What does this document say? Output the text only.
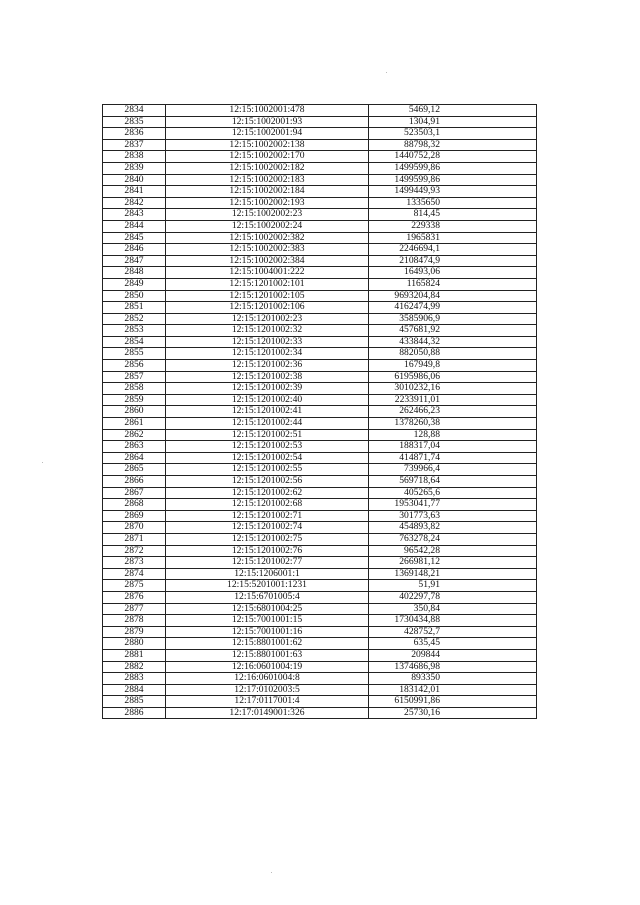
2834	12:15:1002001:478	5469,12
2835	12:15:1002001:93	1304,91
2836	12:15:1002001:94	523503,1
2837	12:15:1002002:138	88798,32
2838	12:15:1002002:170	1440752,28
2839	12:15:1002002:182	1499599,86
2840	12:15:1002002:183	1499599,86
2841	12:15:1002002:184	1499449,93
2842	12:15:1002002:193	1335650
2843	12:15:1002002:23	814,45
2844	12:15:1002002:24	229338
2845	12:15:1002002:382	1965831
2846	12:15:1002002:383	2246694,1
2847	12:15:1002002:384	2108474,9
2848	12:15:1004001:222	16493,06
2849	12:15:1201002:101	1165824
2850	12:15:1201002:105	9693204,84
2851	12:15:1201002:106	4162474,99
2852	12:15:1201002:23	3585906,9
2853	12:15:1201002:32	457681,92
2854	12:15:1201002:33	433844,32
2855	12:15:1201002:34	882050,88
2856	12:15:1201002:36	167949,8
2857	12:15:1201002:38	6195986,06
2858	12:15:1201002:39	3010232,16
2859	12:15:1201002:40	2233911,01
2860	12:15:1201002:41	262466,23
2861	12:15:1201002:44	1378260,38
2862	12:15:1201002:51	128,88
2863	12:15:1201002:53	188317,04
2864	12:15:1201002:54	414871,74
2865	12:15:1201002:55	739966,4
2866	12:15:1201002:56	569718,64
2867	12:15:1201002:62	405265,6
2868	12:15:1201002:68	1953041,77
2869	12:15:1201002:71	301773,63
2870	12:15:1201002:74	454893,82
2871	12:15:1201002:75	763278,24
2872	12:15:1201002:76	96542,28
2873	12:15:1201002:77	266981,12
2874	12:15:1206001:1	1369148,21
2875	12:15:5201001:1231	51,91
2876	12:15:6701005:4	402297,78
2877	12:15:6801004:25	350,84
2878	12:15:7001001:15	1730434,88
2879	12:15:7001001:16	428752,7
2880	12:15:8801001:62	635,45
2881	12:15:8801001:63	209844
2882	12:16:0601004:19	1374686,98
2883	12:16:0601004:8	893350
2884	12:17:0102003:5	183142,01
2885	12:17:0117001:4	6150991,86
2886	12:17:0149001:326	25730,16
